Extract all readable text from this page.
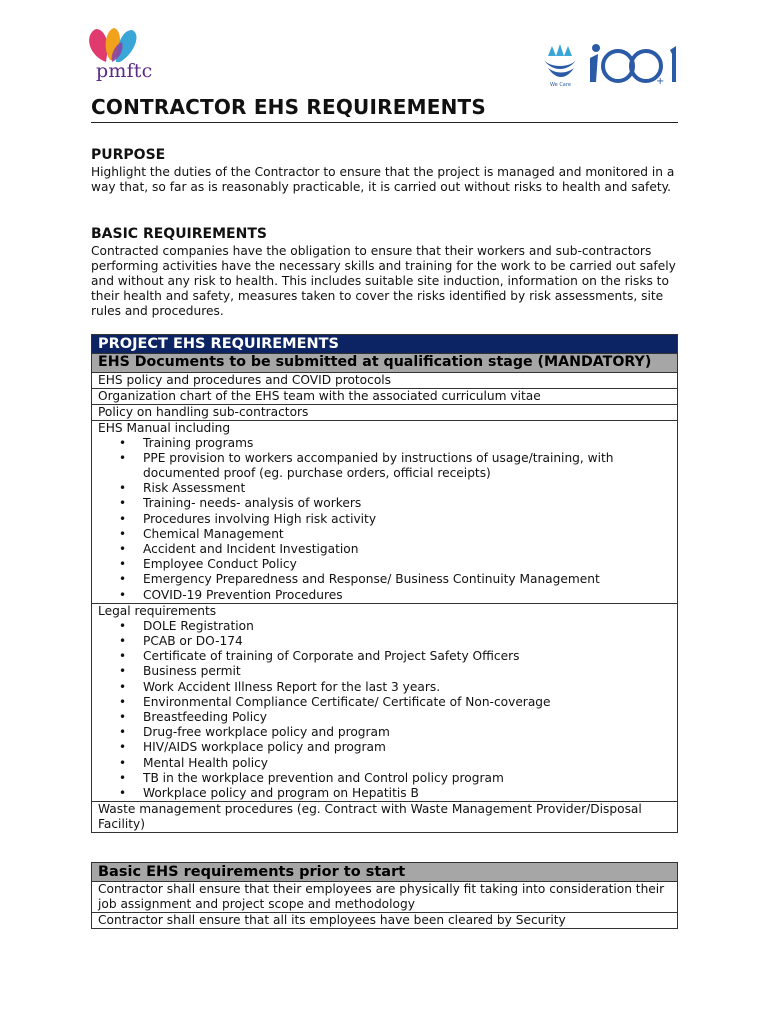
pmftc
We Care	+
CONTRACTOR EHS REQUIREMENTS
PURPOSE
Highlight the duties of the Contractor to ensure that the project is managed and monitored in a way that, so far as is reasonably practicable, it is carried out without risks to health and safety.
BASIC REQUIREMENTS
Contracted companies have the obligation to ensure that their workers and sub-contractors performing activities have the necessary skills and training for the work to be carried out safely and without any risk to health. This includes suitable site induction, information on the risks to their health and safety, measures taken to cover the risks identified by risk assessments, site rules and procedures.
PROJECT EHS REQUIREMENTS
EHS Documents to be submitted at qualification stage (MANDATORY)
EHS policy and procedures and COVID protocols
Organization chart of the EHS team with the associated curriculum vitae
Policy on handling sub-contractors
EHS Manual including
• Training programs
• PPE provision to workers accompanied by instructions of usage/training, with documented proof (eg. purchase orders, official receipts)
• Risk Assessment
• Training- needs- analysis of workers
• Procedures involving High risk activity
• Chemical Management
• Accident and Incident Investigation
• Employee Conduct Policy
• Emergency Preparedness and Response/ Business Continuity Management
• COVID-19 Prevention Procedures
Legal requirements
• DOLE Registration
• PCAB or DO-174
• Certificate of training of Corporate and Project Safety Officers
• Business permit
• Work Accident Illness Report for the last 3 years.
• Environmental Compliance Certificate/ Certificate of Non-coverage
• Breastfeeding Policy
• Drug-free workplace policy and program
• HIV/AIDS workplace policy and program
• Mental Health policy
• TB in the workplace prevention and Control policy program
• Workplace policy and program on Hepatitis B
Waste management procedures (eg. Contract with Waste Management Provider/Disposal Facility)
Basic EHS requirements prior to start
Contractor shall ensure that their employees are physically fit taking into consideration their job assignment and project scope and methodology
Contractor shall ensure that all its employees have been cleared by Security
